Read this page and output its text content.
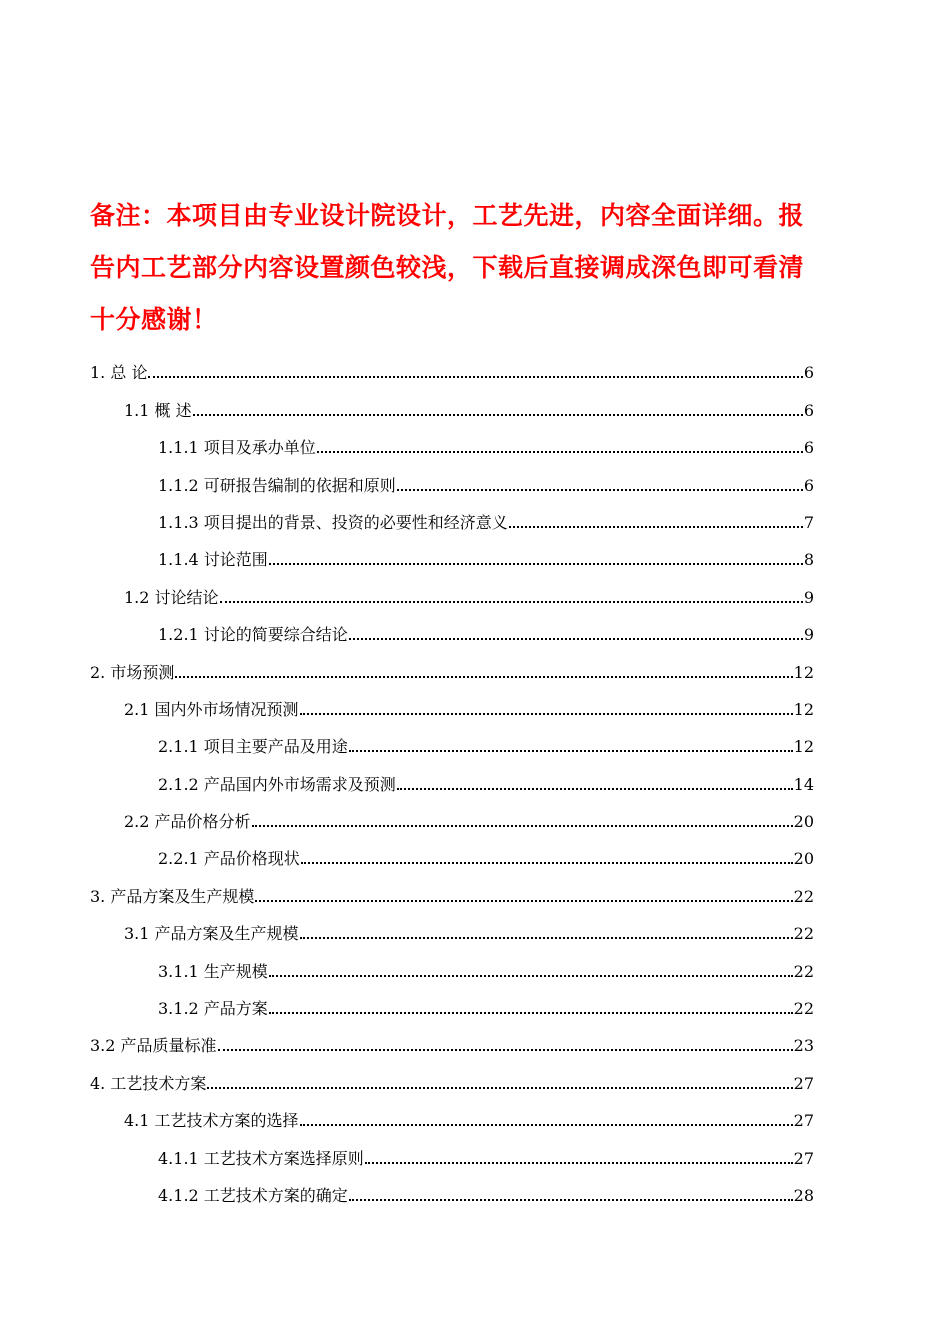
备注：本项目由专业设计院设计，工艺先进，内容全面详细。报告内工艺部分内容设置颜色较浅，下载后直接调成深色即可看清十分感谢！
1. 总 论	6
1.1 概 述	6
1.1.1 项目及承办单位	6
1.1.2 可研报告编制的依据和原则	6
1.1.3 项目提出的背景、投资的必要性和经济意义	7
1.1.4 讨论范围	8
1.2 讨论结论	9
1.2.1 讨论的简要综合结论	9
2. 市场预测	12
2.1 国内外市场情况预测	12
2.1.1 项目主要产品及用途	12
2.1.2 产品国内外市场需求及预测	14
2.2 产品价格分析	20
2.2.1 产品价格现状	20
3. 产品方案及生产规模	22
3.1 产品方案及生产规模	22
3.1.1 生产规模	22
3.1.2 产品方案	22
3.2 产品质量标准	23
4. 工艺技术方案	27
4.1 工艺技术方案的选择	27
4.1.1 工艺技术方案选择原则	27
4.1.2 工艺技术方案的确定	28
